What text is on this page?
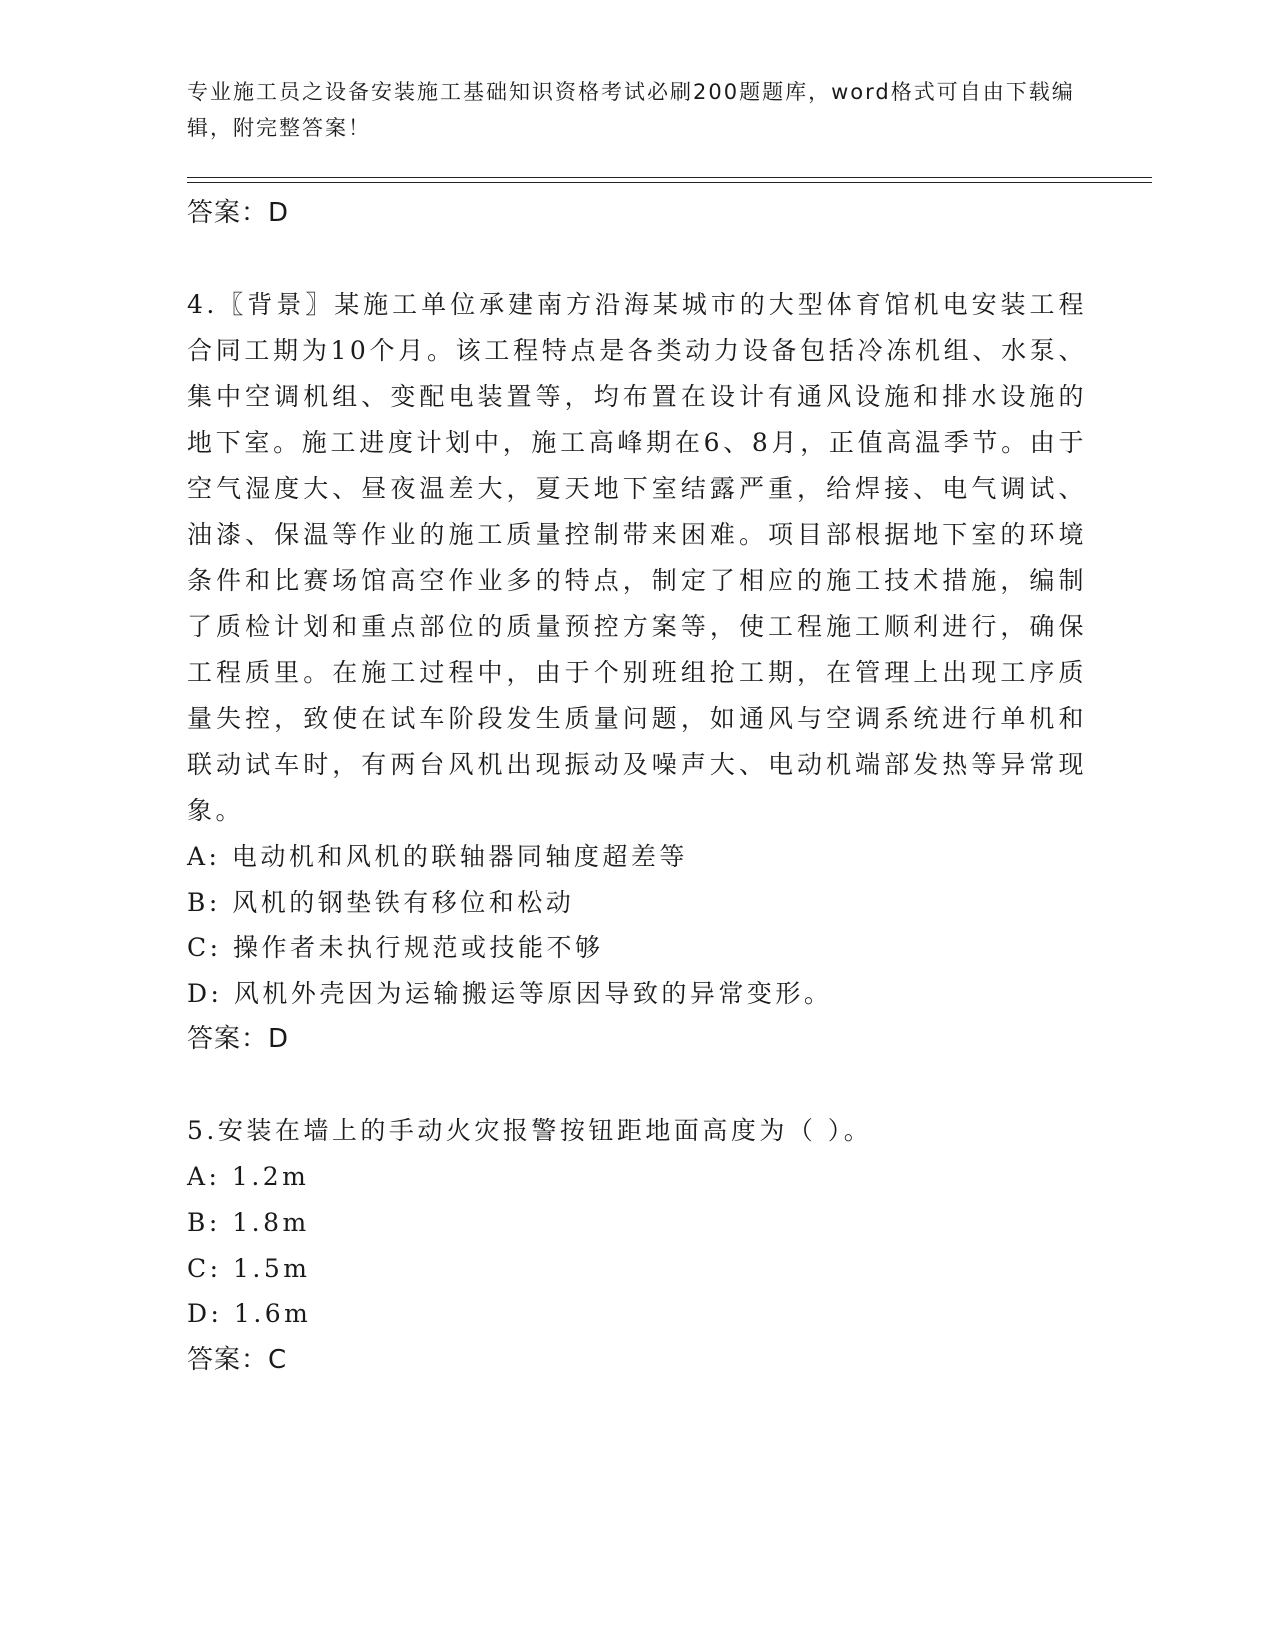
专业施工员之设备安装施工基础知识资格考试必刷200题题库，word格式可自由下载编辑，附完整答案！

答案：D

4.〖背景〗某施工单位承建南方沿海某城市的大型体育馆机电安装工程合同工期为10个月。该工程特点是各类动力设备包括冷冻机组、水泵、集中空调机组、变配电装置等，均布置在设计有通风设施和排水设施的地下室。施工进度计划中，施工高峰期在6、8月，正值高温季节。由于空气湿度大、昼夜温差大，夏天地下室结露严重，给焊接、电气调试、油漆、保温等作业的施工质量控制带来困难。项目部根据地下室的环境条件和比赛场馆高空作业多的特点，制定了相应的施工技术措施，编制了质检计划和重点部位的质量预控方案等，使工程施工顺利进行，确保工程质里。在施工过程中，由于个别班组抢工期，在管理上出现工序质量失控，致使在试车阶段发生质量问题，如通风与空调系统进行单机和联动试车时，有两台风机出现振动及噪声大、电动机端部发热等异常现象。

A: 电动机和风机的联轴器同轴度超差等

B: 风机的钢垫铁有移位和松动

C: 操作者未执行规范或技能不够

D: 风机外壳因为运输搬运等原因导致的异常变形。

答案：D

5.安装在墙上的手动火灾报警按钮距地面高度为（ ）。

A: 1.2m

B: 1.8m

C: 1.5m

D: 1.6m

答案：C
